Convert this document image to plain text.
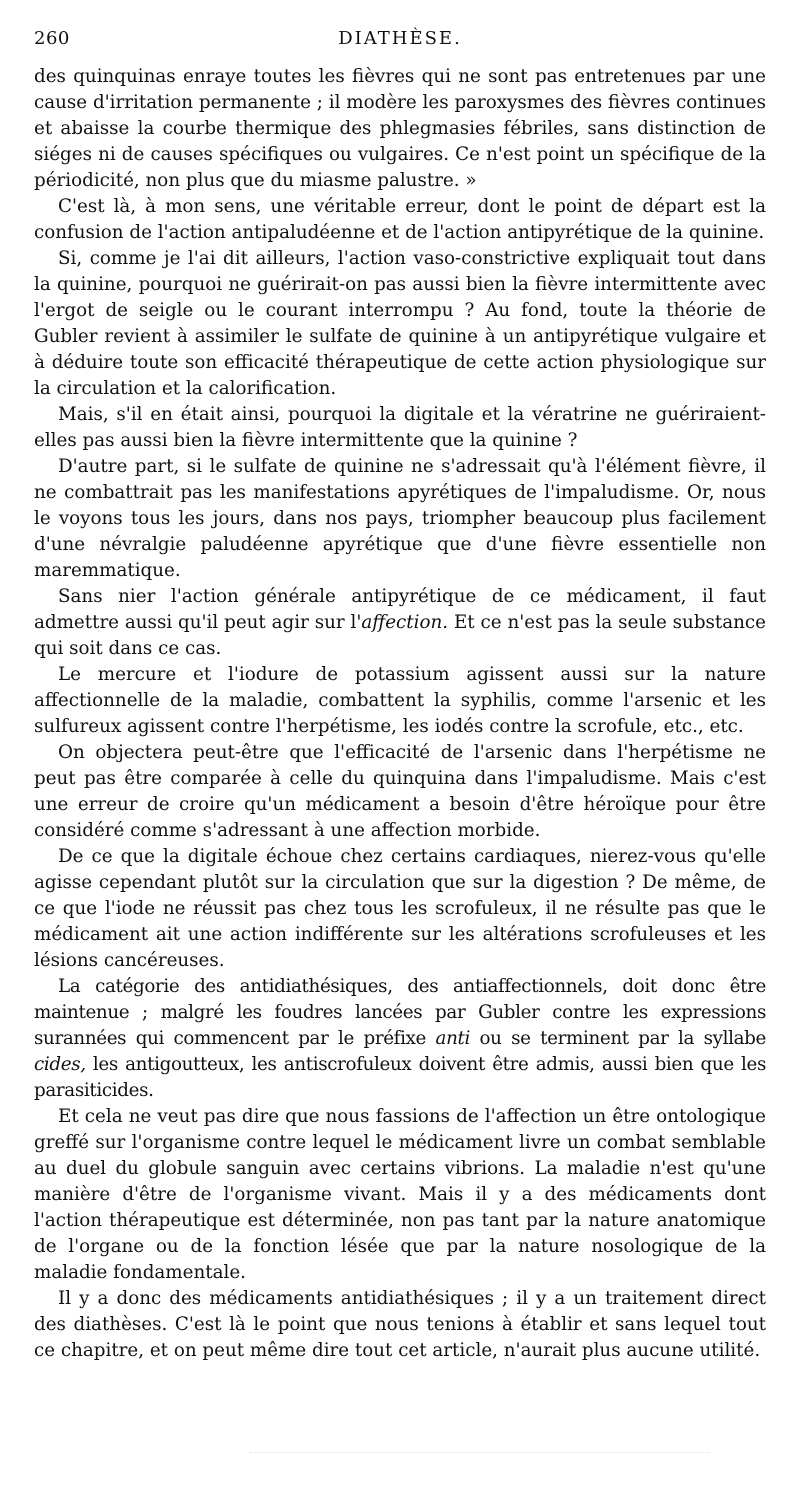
260	DIATHÈSE.

des quinquinas enraye toutes les fièvres qui ne sont pas entretenues par une cause d'irritation permanente ; il modère les paroxysmes des fièvres continues et abaisse la courbe thermique des phlegmasies fébriles, sans distinction de siéges ni de causes spécifiques ou vulgaires. Ce n'est point un spécifique de la périodicité, non plus que du miasme palustre. »

C'est là, à mon sens, une véritable erreur, dont le point de départ est la confusion de l'action antipaludéenne et de l'action antipyrétique de la quinine.

Si, comme je l'ai dit ailleurs, l'action vaso-constrictive expliquait tout dans la quinine, pourquoi ne guérirait-on pas aussi bien la fièvre intermittente avec l'ergot de seigle ou le courant interrompu ? Au fond, toute la théorie de Gubler revient à assimiler le sulfate de quinine à un antipyrétique vulgaire et à déduire toute son efficacité thérapeutique de cette action physiologique sur la circulation et la calorification.

Mais, s'il en était ainsi, pourquoi la digitale et la vératrine ne guériraient-elles pas aussi bien la fièvre intermittente que la quinine ?

D'autre part, si le sulfate de quinine ne s'adressait qu'à l'élément fièvre, il ne combattrait pas les manifestations apyrétiques de l'impaludisme. Or, nous le voyons tous les jours, dans nos pays, triompher beaucoup plus facilement d'une névralgie paludéenne apyrétique que d'une fièvre essentielle non maremmatique.

Sans nier l'action générale antipyrétique de ce médicament, il faut admettre aussi qu'il peut agir sur l'affection. Et ce n'est pas la seule substance qui soit dans ce cas.

Le mercure et l'iodure de potassium agissent aussi sur la nature affectionnelle de la maladie, combattent la syphilis, comme l'arsenic et les sulfureux agissent contre l'herpétisme, les iodés contre la scrofule, etc., etc.

On objectera peut-être que l'efficacité de l'arsenic dans l'herpétisme ne peut pas être comparée à celle du quinquina dans l'impaludisme. Mais c'est une erreur de croire qu'un médicament a besoin d'être héroïque pour être considéré comme s'adressant à une affection morbide.

De ce que la digitale échoue chez certains cardiaques, nierez-vous qu'elle agisse cependant plutôt sur la circulation que sur la digestion ? De même, de ce que l'iode ne réussit pas chez tous les scrofuleux, il ne résulte pas que le médicament ait une action indifférente sur les altérations scrofuleuses et les lésions cancéreuses.

La catégorie des antidiathésiques, des antiaffectionnels, doit donc être maintenue ; malgré les foudres lancées par Gubler contre les expressions surannées qui commencent par le préfixe anti ou se terminent par la syllabe cides, les antigoutteux, les antiscrofuleux doivent être admis, aussi bien que les parasiticides.

Et cela ne veut pas dire que nous fassions de l'affection un être ontologique greffé sur l'organisme contre lequel le médicament livre un combat semblable au duel du globule sanguin avec certains vibrions. La maladie n'est qu'une manière d'être de l'organisme vivant. Mais il y a des médicaments dont l'action thérapeutique est déterminée, non pas tant par la nature anatomique de l'organe ou de la fonction lésée que par la nature nosologique de la maladie fondamentale.

Il y a donc des médicaments antidiathésiques ; il y a un traitement direct des diathèses. C'est là le point que nous tenions à établir et sans lequel tout ce chapitre, et on peut même dire tout cet article, n'aurait plus aucune utilité.
